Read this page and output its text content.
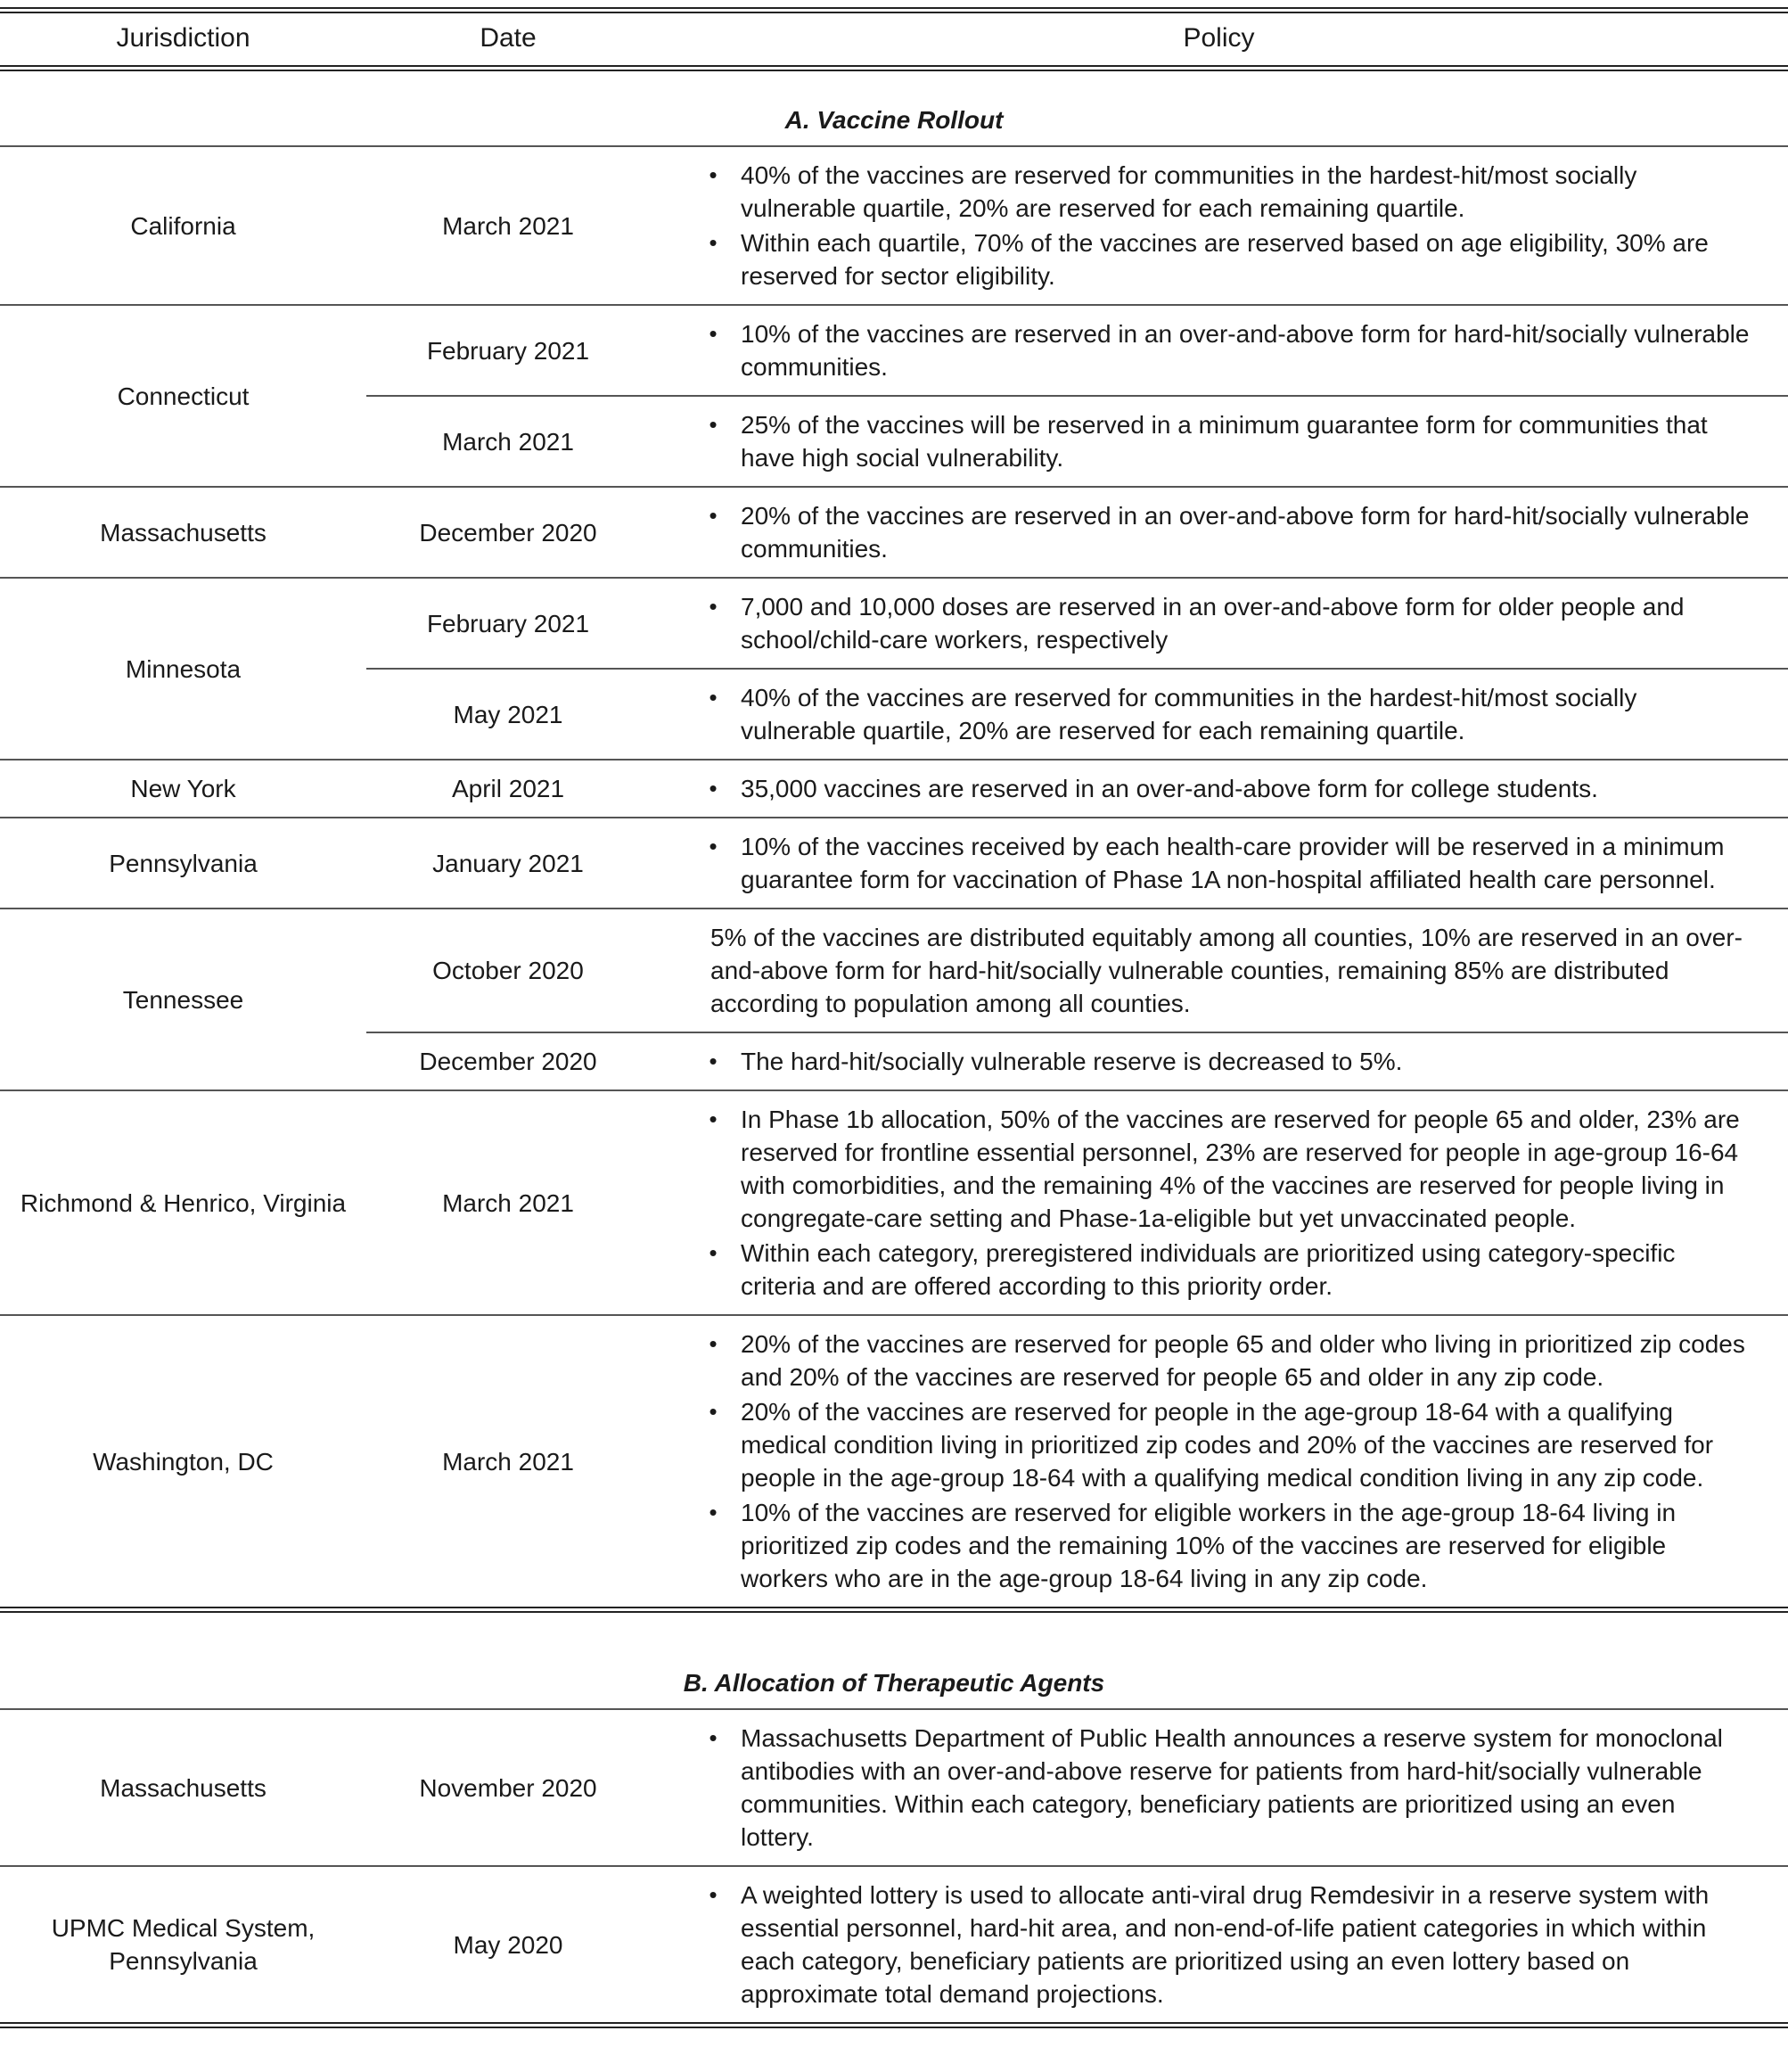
Jurisdiction	Date	Policy

A. Vaccine Rollout		

California	March 2021	• 40% of the vaccines are reserved for communities in the hardest-hit/most socially vulnerable quartile, 20% are reserved for each remaining quartile.
• Within each quartile, 70% of the vaccines are reserved based on age eligibility, 30% are reserved for sector eligibility.

Connecticut	February 2021	• 10% of the vaccines are reserved in an over-and-above form for hard-hit/socially vulnerable communities.

	March 2021	• 25% of the vaccines will be reserved in a minimum guarantee form for communities that have high social vulnerability.

Massachusetts	December 2020	• 20% of the vaccines are reserved in an over-and-above form for hard-hit/socially vulnerable communities.

Minnesota	February 2021	• 7,000 and 10,000 doses are reserved in an over-and-above form for older people and school/child-care workers, respectively

	May 2021	• 40% of the vaccines are reserved for communities in the hardest-hit/most socially vulnerable quartile, 20% are reserved for each remaining quartile.

New York	April 2021	• 35,000 vaccines are reserved in an over-and-above form for college students.

Pennsylvania	January 2021	• 10% of the vaccines received by each health-care provider will be reserved in a minimum guarantee form for vaccination of Phase 1A non-hospital affiliated health care personnel.

Tennessee	October 2020	5% of the vaccines are distributed equitably among all counties, 10% are reserved in an over-and-above form for hard-hit/socially vulnerable counties, remaining 85% are distributed according to population among all counties.

	December 2020	• The hard-hit/socially vulnerable reserve is decreased to 5%.

Richmond & Henrico, Virginia	March 2021	• In Phase 1b allocation, 50% of the vaccines are reserved for people 65 and older, 23% are reserved for frontline essential personnel, 23% are reserved for people in age-group 16-64 with comorbidities, and the remaining 4% of the vaccines are reserved for people living in congregate-care setting and Phase-1a-eligible but yet unvaccinated people.
• Within each category, preregistered individuals are prioritized using category-specific criteria and are offered according to this priority order.

Washington, DC	March 2021	
• 20% of the vaccines are reserved for people 65 and older who living in prioritized zip codes and 20% of the vaccines are reserved for people 65 and older in any zip code.
• 20% of the vaccines are reserved for people in the age-group 18-64 with a qualifying medical condition living in prioritized zip codes and 20% of the vaccines are reserved for people in the age-group 18-64 with a qualifying medical condition living in any zip code.
• 10% of the vaccines are reserved for eligible workers in the age-group 18-64 living in prioritized zip codes and the remaining 10% of the vaccines are reserved for eligible workers who are in the age-group 18-64 living in any zip code.

B. Allocation of Therapeutic Agents		

Massachusetts	November 2020	• Massachusetts Department of Public Health announces a reserve system for monoclonal antibodies with an over-and-above reserve for patients from hard-hit/socially vulnerable communities. Within each category, beneficiary patients are prioritized using an even lottery.

UPMC Medical System, Pennsylvania	May 2020	• A weighted lottery is used to allocate anti-viral drug Remdesivir in a reserve system with essential personnel, hard-hit area, and non-end-of-life patient categories in which within each category, beneficiary patients are prioritized using an even lottery based on approximate total demand projections.
